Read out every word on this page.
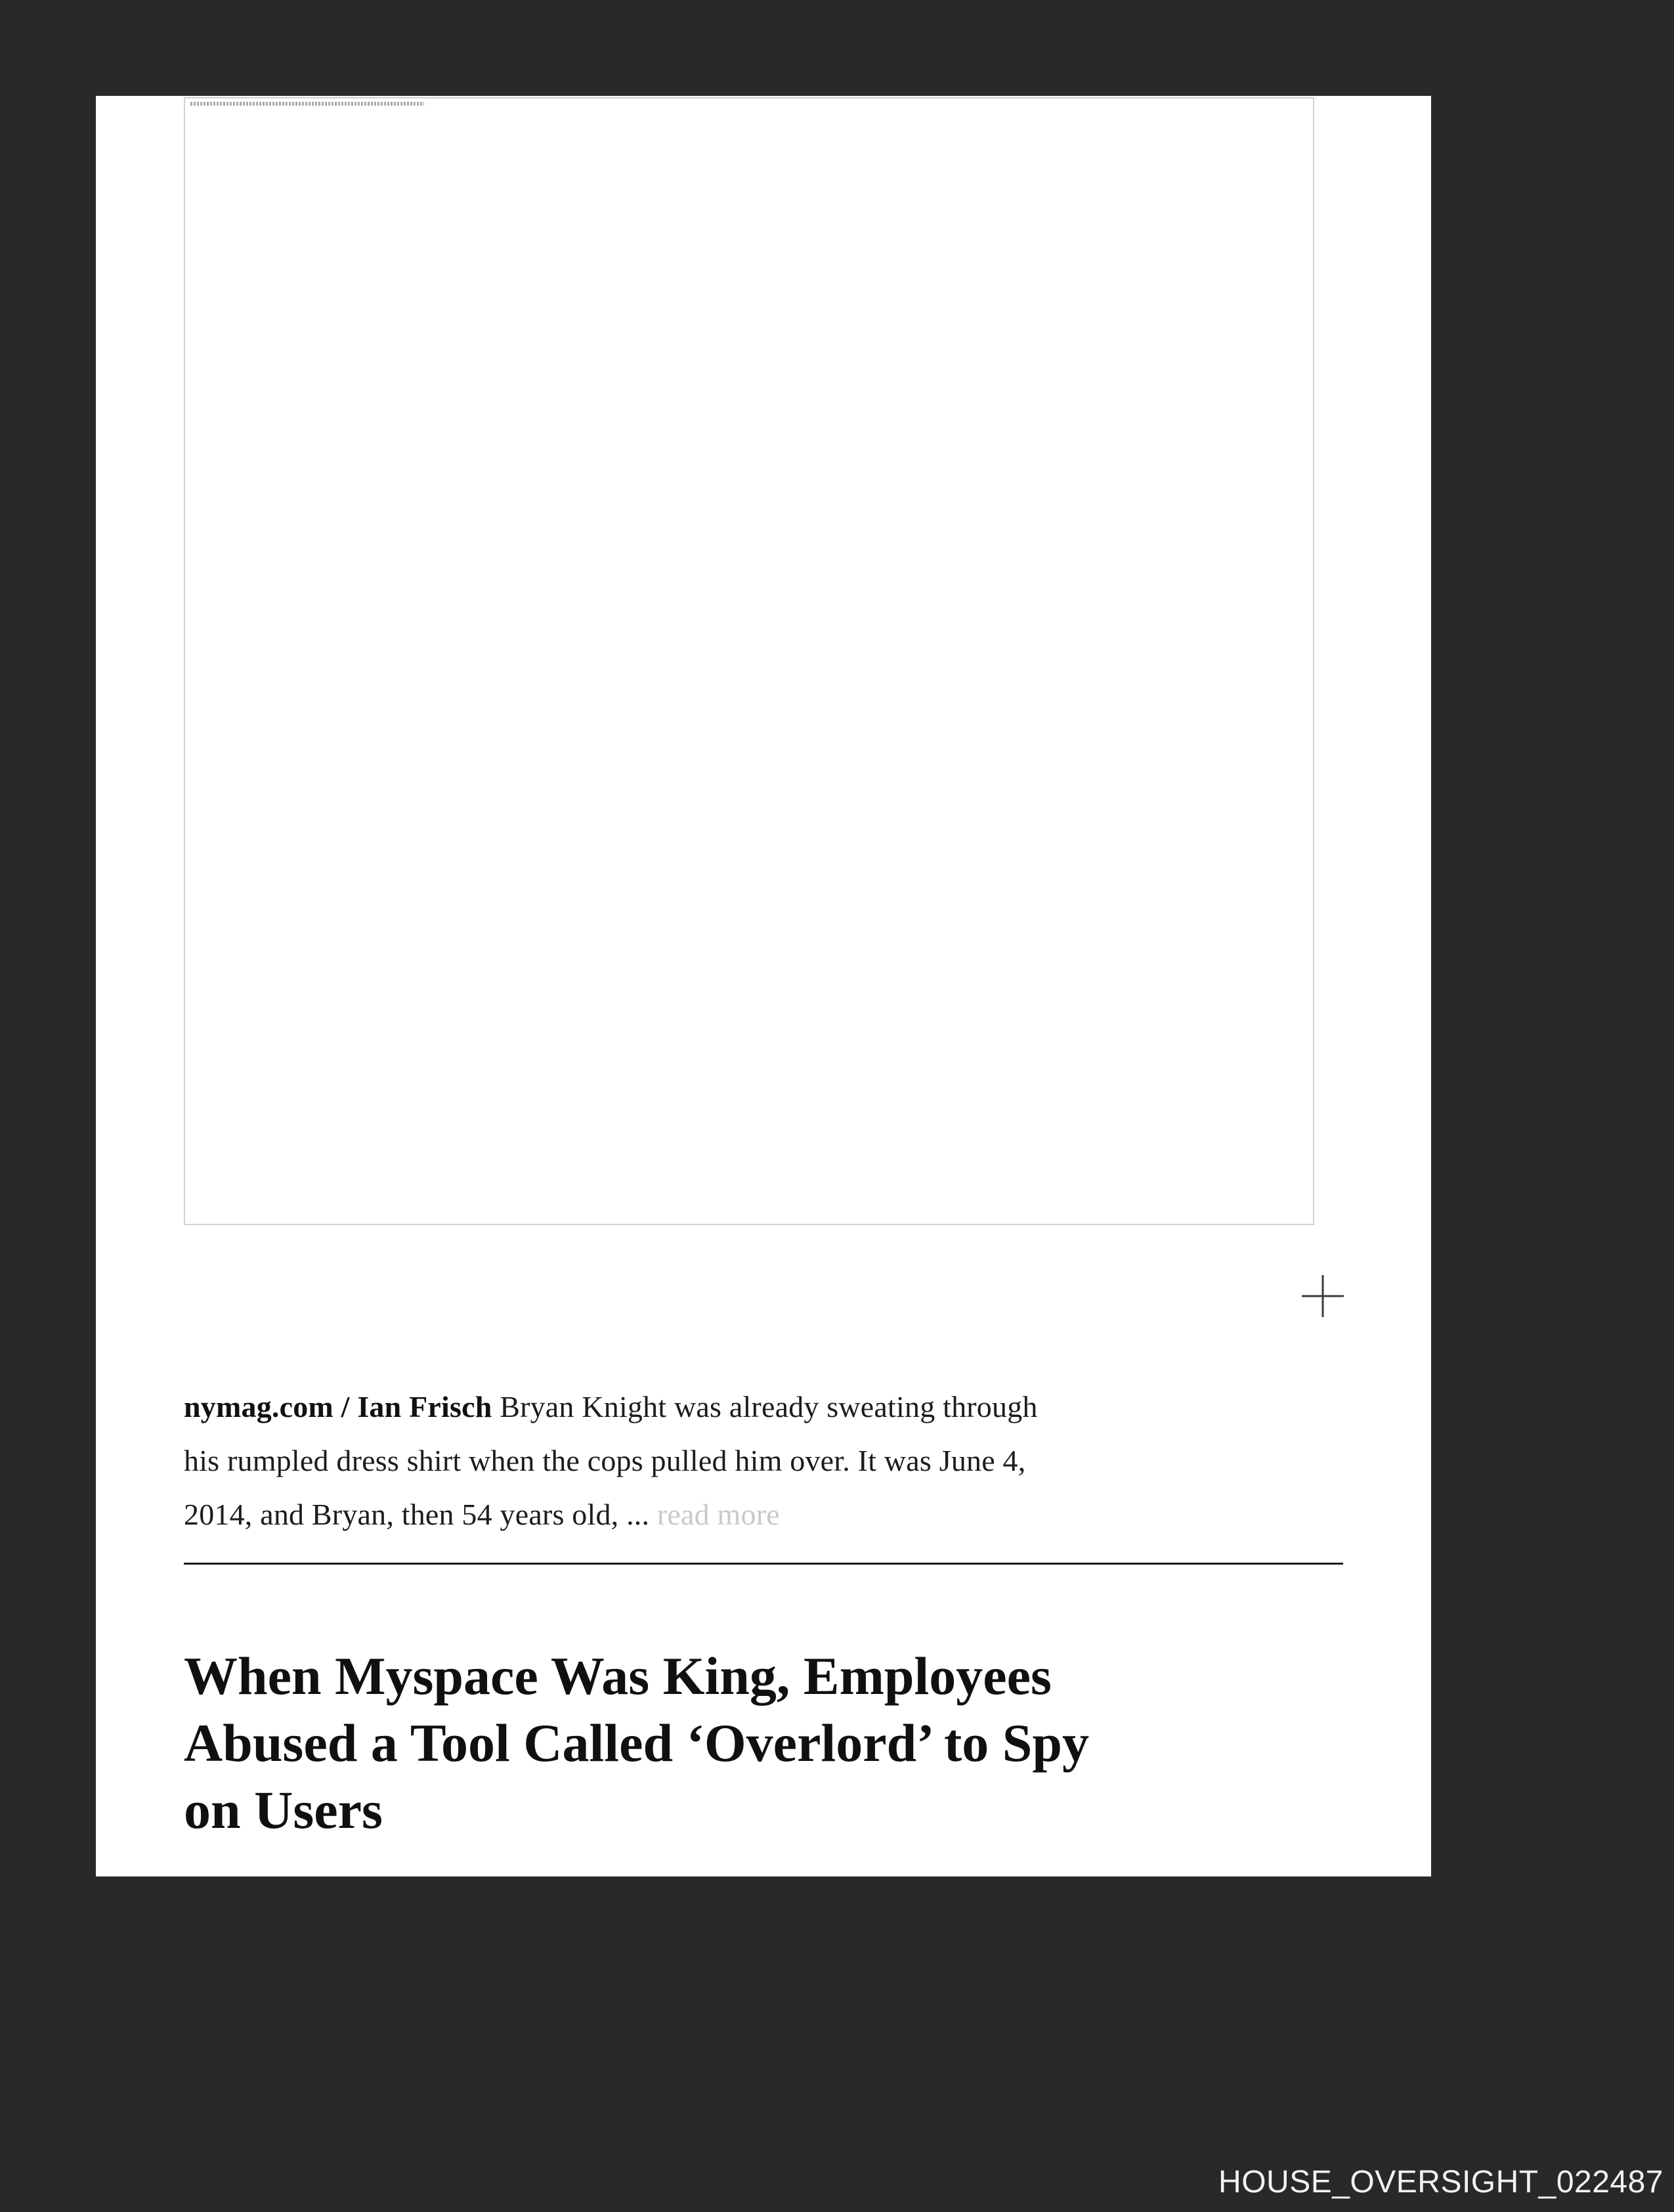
nymag.com / Ian Frisch Bryan Knight was already sweating through
his rumpled dress shirt when the cops pulled him over. It was June 4,
2014, and Bryan, then 54 years old, ... read more
When Myspace Was King, Employees
Abused a Tool Called ‘Overlord’ to Spy
on Users
HOUSE_OVERSIGHT_022487
